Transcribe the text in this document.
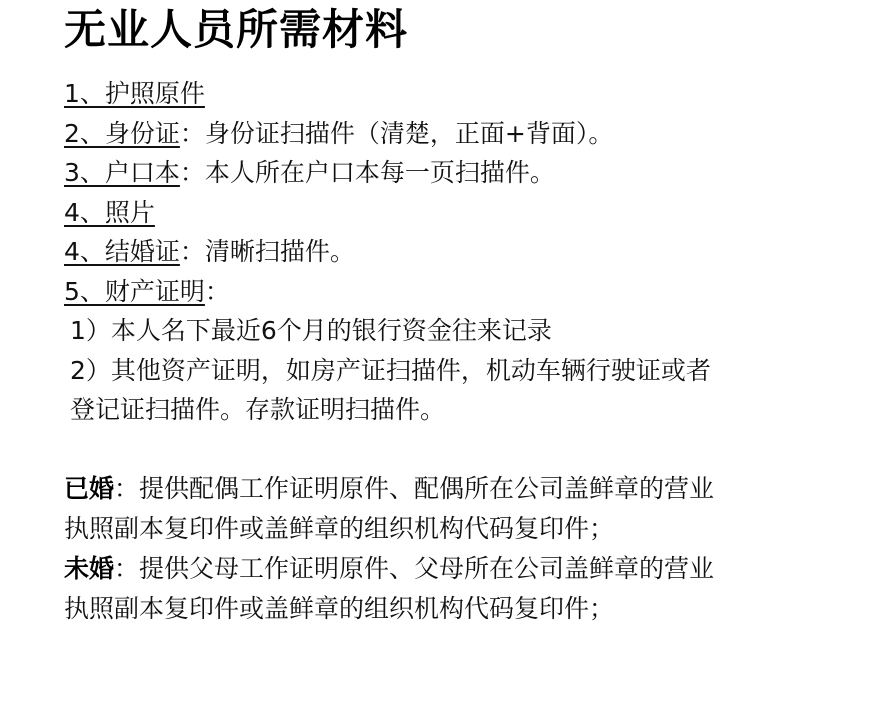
无业人员所需材料
1、护照原件
2、身份证：身份证扫描件（清楚，正面+背面）。
3、户口本：本人所在户口本每一页扫描件。
4、照片
4、结婚证：清晰扫描件。
5、财产证明：
1）本人名下最近6个月的银行资金往来记录
2）其他资产证明，如房产证扫描件，机动车辆行驶证或者登记证扫描件。存款证明扫描件。

已婚：提供配偶工作证明原件、配偶所在公司盖鲜章的营业执照副本复印件或盖鲜章的组织机构代码复印件；

未婚：提供父母工作证明原件、父母所在公司盖鲜章的营业执照副本复印件或盖鲜章的组织机构代码复印件；
